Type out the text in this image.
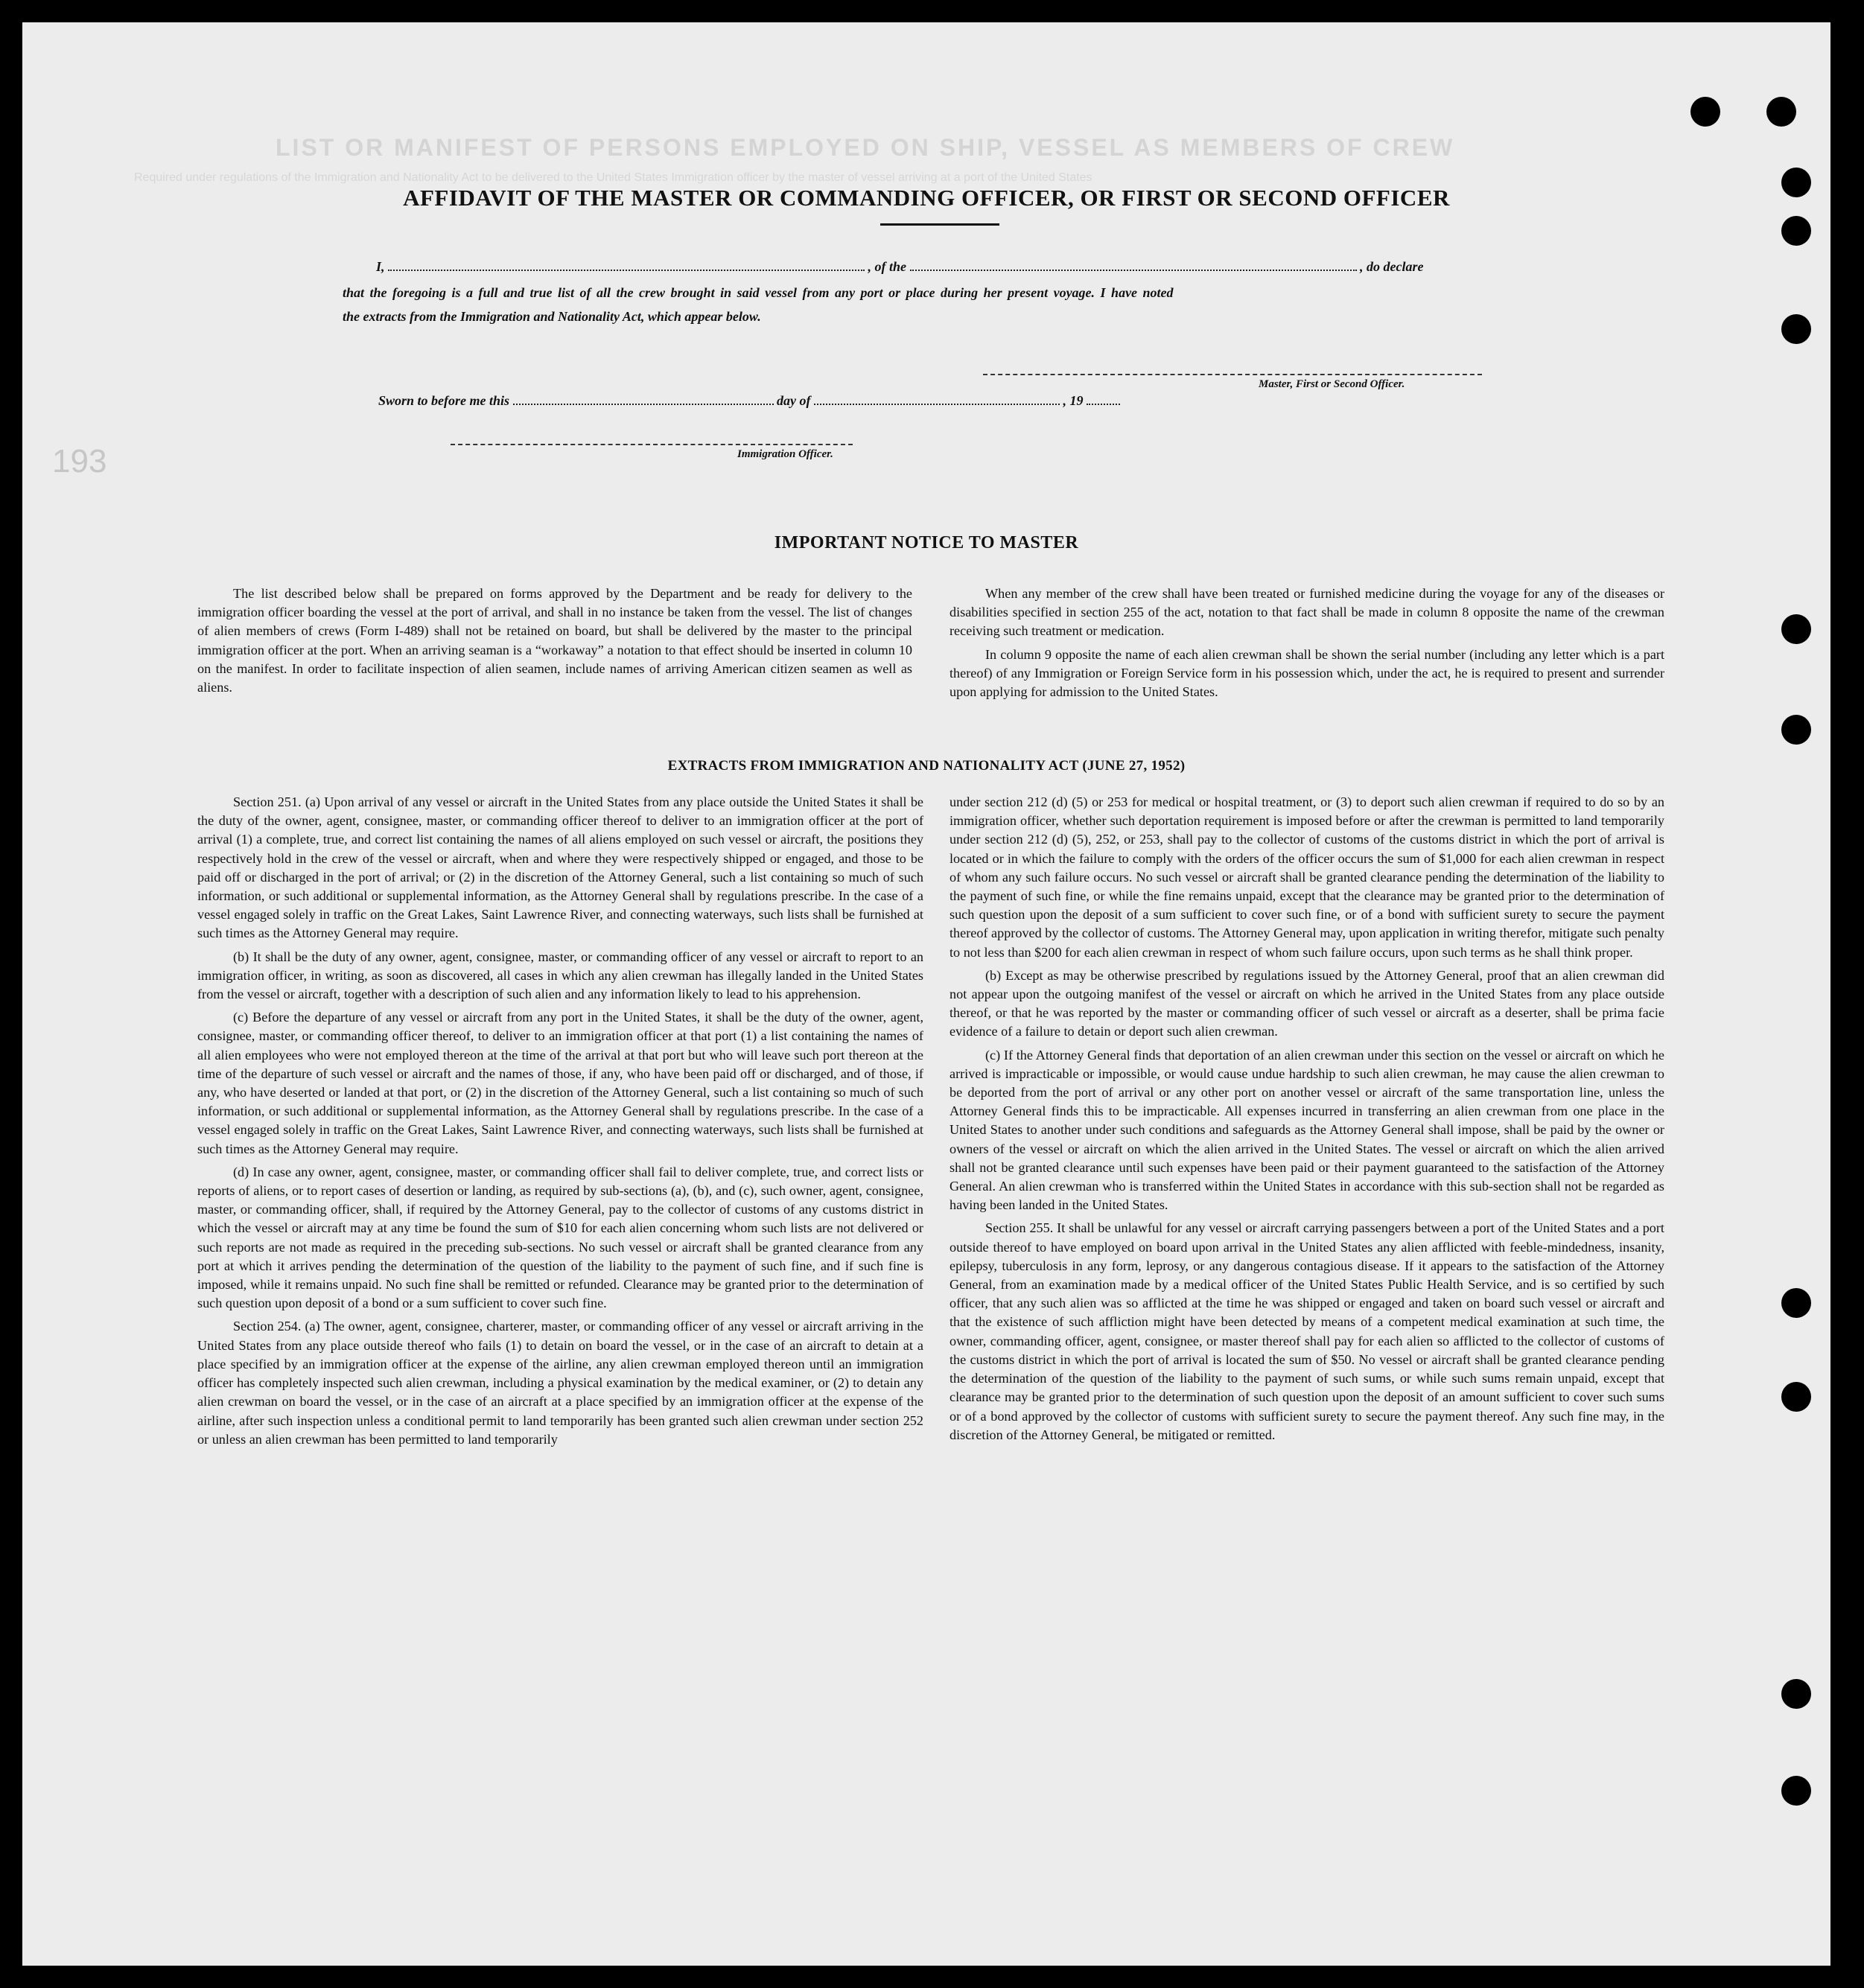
LIST OR MANIFEST OF PERSONS EMPLOYED ON SHIP, VESSEL AS MEMBERS OF CREW
Required under regulations of the Immigration and Nationality Act to be delivered to the United States Immigration officer by the master of vessel arriving at a port of the United States
193
AFFIDAVIT OF THE MASTER OR COMMANDING OFFICER, OR FIRST OR SECOND OFFICER
I,	, of the	, do declare
that the foregoing is a full and true list of all the crew brought in said vessel from any port or place during her present voyage. I have noted
the extracts from the Immigration and Nationality Act, which appear below.
Master, First or Second Officer.
Sworn to before me this	day of	, 19
Immigration Officer.
IMPORTANT NOTICE TO MASTER

The list described below shall be prepared on forms approved by the Department and be ready for delivery to the immigration officer boarding the vessel at the port of arrival, and shall in no instance be taken from the vessel. The list of changes of alien members of crews (Form I-489) shall not be retained on board, but shall be delivered by the master to the principal immigration officer at the port. When an arriving seaman is a “workaway” a notation to that effect should be inserted in column 10 on the manifest. In order to facilitate inspection of alien seamen, include names of arriving American citizen seamen as well as aliens.

When any member of the crew shall have been treated or furnished medicine during the voyage for any of the diseases or disabilities specified in section 255 of the act, notation to that fact shall be made in column 8 opposite the name of the crewman receiving such treatment or medication.

In column 9 opposite the name of each alien crewman shall be shown the serial number (including any letter which is a part thereof) of any Immigration or Foreign Service form in his possession which, under the act, he is required to present and surrender upon applying for admission to the United States.

EXTRACTS FROM IMMIGRATION AND NATIONALITY ACT (JUNE 27, 1952)

Section 251. (a) Upon arrival of any vessel or aircraft in the United States from any place outside the United States it shall be the duty of the owner, agent, consignee, master, or commanding officer thereof to deliver to an immigration officer at the port of arrival (1) a complete, true, and correct list containing the names of all aliens employed on such vessel or aircraft, the positions they respectively hold in the crew of the vessel or aircraft, when and where they were respectively shipped or engaged, and those to be paid off or discharged in the port of arrival; or (2) in the discretion of the Attorney General, such a list containing so much of such information, or such additional or supplemental information, as the Attorney General shall by regulations prescribe. In the case of a vessel engaged solely in traffic on the Great Lakes, Saint Lawrence River, and connecting waterways, such lists shall be furnished at such times as the Attorney General may require.

(b) It shall be the duty of any owner, agent, consignee, master, or commanding officer of any vessel or aircraft to report to an immigration officer, in writing, as soon as discovered, all cases in which any alien crewman has illegally landed in the United States from the vessel or aircraft, together with a description of such alien and any information likely to lead to his apprehension.

(c) Before the departure of any vessel or aircraft from any port in the United States, it shall be the duty of the owner, agent, consignee, master, or commanding officer thereof, to deliver to an immigration officer at that port (1) a list containing the names of all alien employees who were not employed thereon at the time of the arrival at that port but who will leave such port thereon at the time of the departure of such vessel or aircraft and the names of those, if any, who have been paid off or discharged, and of those, if any, who have deserted or landed at that port, or (2) in the discretion of the Attorney General, such a list containing so much of such information, or such additional or supplemental information, as the Attorney General shall by regulations prescribe. In the case of a vessel engaged solely in traffic on the Great Lakes, Saint Lawrence River, and connecting waterways, such lists shall be furnished at such times as the Attorney General may require.

(d) In case any owner, agent, consignee, master, or commanding officer shall fail to deliver complete, true, and correct lists or reports of aliens, or to report cases of desertion or landing, as required by sub-sections (a), (b), and (c), such owner, agent, consignee, master, or commanding officer, shall, if required by the Attorney General, pay to the collector of customs of any customs district in which the vessel or aircraft may at any time be found the sum of $10 for each alien concerning whom such lists are not delivered or such reports are not made as required in the preceding sub-sections. No such vessel or aircraft shall be granted clearance from any port at which it arrives pending the determination of the question of the liability to the payment of such fine, and if such fine is imposed, while it remains unpaid. No such fine shall be remitted or refunded. Clearance may be granted prior to the determination of such question upon deposit of a bond or a sum sufficient to cover such fine.

Section 254. (a) The owner, agent, consignee, charterer, master, or commanding officer of any vessel or aircraft arriving in the United States from any place outside thereof who fails (1) to detain on board the vessel, or in the case of an aircraft to detain at a place specified by an immigration officer at the expense of the airline, any alien crewman employed thereon until an immigration officer has completely inspected such alien crewman, including a physical examination by the medical examiner, or (2) to detain any alien crewman on board the vessel, or in the case of an aircraft at a place specified by an immigration officer at the expense of the airline, after such inspection unless a conditional permit to land temporarily has been granted such alien crewman under section 252 or unless an alien crewman has been permitted to land temporarily

under section 212 (d) (5) or 253 for medical or hospital treatment, or (3) to deport such alien crewman if required to do so by an immigration officer, whether such deportation requirement is imposed before or after the crewman is permitted to land temporarily under section 212 (d) (5), 252, or 253, shall pay to the collector of customs of the customs district in which the port of arrival is located or in which the failure to comply with the orders of the officer occurs the sum of $1,000 for each alien crewman in respect of whom any such failure occurs. No such vessel or aircraft shall be granted clearance pending the determination of the liability to the payment of such fine, or while the fine remains unpaid, except that the clearance may be granted prior to the determination of such question upon the deposit of a sum sufficient to cover such fine, or of a bond with sufficient surety to secure the payment thereof approved by the collector of customs. The Attorney General may, upon application in writing therefor, mitigate such penalty to not less than $200 for each alien crewman in respect of whom such failure occurs, upon such terms as he shall think proper.

(b) Except as may be otherwise prescribed by regulations issued by the Attorney General, proof that an alien crewman did not appear upon the outgoing manifest of the vessel or aircraft on which he arrived in the United States from any place outside thereof, or that he was reported by the master or commanding officer of such vessel or aircraft as a deserter, shall be prima facie evidence of a failure to detain or deport such alien crewman.

(c) If the Attorney General finds that deportation of an alien crewman under this section on the vessel or aircraft on which he arrived is impracticable or impossible, or would cause undue hardship to such alien crewman, he may cause the alien crewman to be deported from the port of arrival or any other port on another vessel or aircraft of the same transportation line, unless the Attorney General finds this to be impracticable. All expenses incurred in transferring an alien crewman from one place in the United States to another under such conditions and safeguards as the Attorney General shall impose, shall be paid by the owner or owners of the vessel or aircraft on which the alien arrived in the United States. The vessel or aircraft on which the alien arrived shall not be granted clearance until such expenses have been paid or their payment guaranteed to the satisfaction of the Attorney General. An alien crewman who is transferred within the United States in accordance with this sub-section shall not be regarded as having been landed in the United States.

Section 255. It shall be unlawful for any vessel or aircraft carrying passengers between a port of the United States and a port outside thereof to have employed on board upon arrival in the United States any alien afflicted with feeble-mindedness, insanity, epilepsy, tuberculosis in any form, leprosy, or any dangerous contagious disease. If it appears to the satisfaction of the Attorney General, from an examination made by a medical officer of the United States Public Health Service, and is so certified by such officer, that any such alien was so afflicted at the time he was shipped or engaged and taken on board such vessel or aircraft and that the existence of such affliction might have been detected by means of a competent medical examination at such time, the owner, commanding officer, agent, consignee, or master thereof shall pay for each alien so afflicted to the collector of customs of the customs district in which the port of arrival is located the sum of $50. No vessel or aircraft shall be granted clearance pending the determination of the question of the liability to the payment of such sums, or while such sums remain unpaid, except that clearance may be granted prior to the determination of such question upon the deposit of an amount sufficient to cover such sums or of a bond approved by the collector of customs with sufficient surety to secure the payment thereof. Any such fine may, in the discretion of the Attorney General, be mitigated or remitted.
